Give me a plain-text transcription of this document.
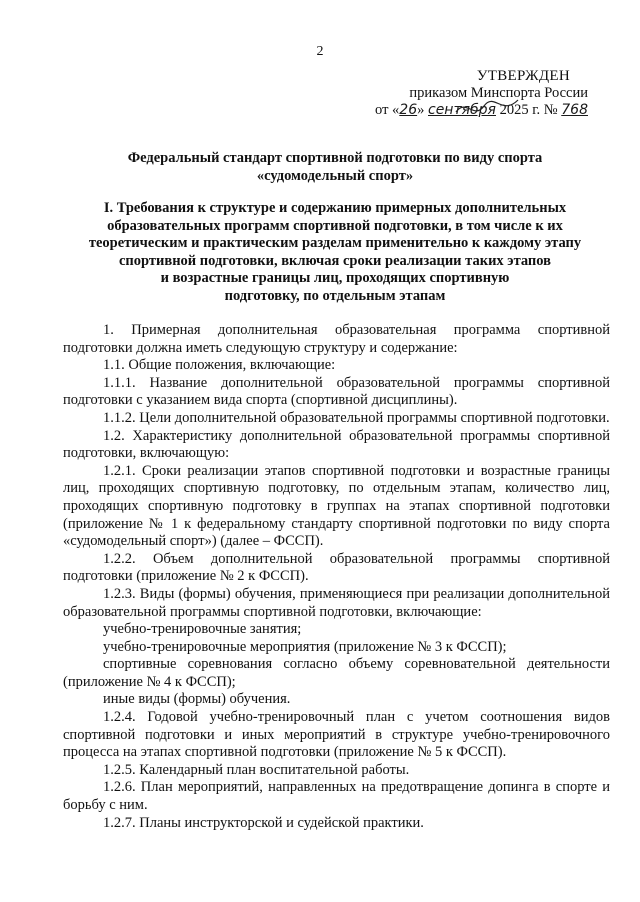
2
УТВЕРЖДЕН
приказом Минспорта России
от «26» сентября 2025 г. № 768
Федеральный стандарт спортивной подготовки по виду спорта
«судомодельный спорт»
I. Требования к структуре и содержанию примерных дополнительных
образовательных программ спортивной подготовки, в том числе к их
теоретическим и практическим разделам применительно к каждому этапу
спортивной подготовки, включая сроки реализации таких этапов
и возрастные границы лиц, проходящих спортивную
подготовку, по отдельным этапам

1. Примерная дополнительная образовательная программа спортивной подготовки должна иметь следующую структуру и содержание:

1.1. Общие положения, включающие:

1.1.1. Название дополнительной образовательной программы спортивной подготовки с указанием вида спорта (спортивной дисциплины).

1.1.2. Цели дополнительной образовательной программы спортивной подготовки.

1.2. Характеристику дополнительной образовательной программы спортивной подготовки, включающую:

1.2.1. Сроки реализации этапов спортивной подготовки и возрастные границы лиц, проходящих спортивную подготовку, по отдельным этапам, количество лиц, проходящих спортивную подготовку в группах на этапах спортивной подготовки (приложение № 1 к федеральному стандарту спортивной подготовки по виду спорта «судомодельный спорт») (далее – ФССП).

1.2.2. Объем дополнительной образовательной программы спортивной подготовки (приложение № 2 к ФССП).

1.2.3. Виды (формы) обучения, применяющиеся при реализации дополнительной образовательной программы спортивной подготовки, включающие:

учебно-тренировочные занятия;

учебно-тренировочные мероприятия (приложение № 3 к ФССП);

спортивные соревнования согласно объему соревновательной деятельности (приложение № 4 к ФССП);

иные виды (формы) обучения.

1.2.4. Годовой учебно-тренировочный план с учетом соотношения видов спортивной подготовки и иных мероприятий в структуре учебно-тренировочного процесса на этапах спортивной подготовки (приложение № 5 к ФССП).

1.2.5. Календарный план воспитательной работы.

1.2.6. План мероприятий, направленных на предотвращение допинга в спорте и борьбу с ним.

1.2.7. Планы инструкторской и судейской практики.
